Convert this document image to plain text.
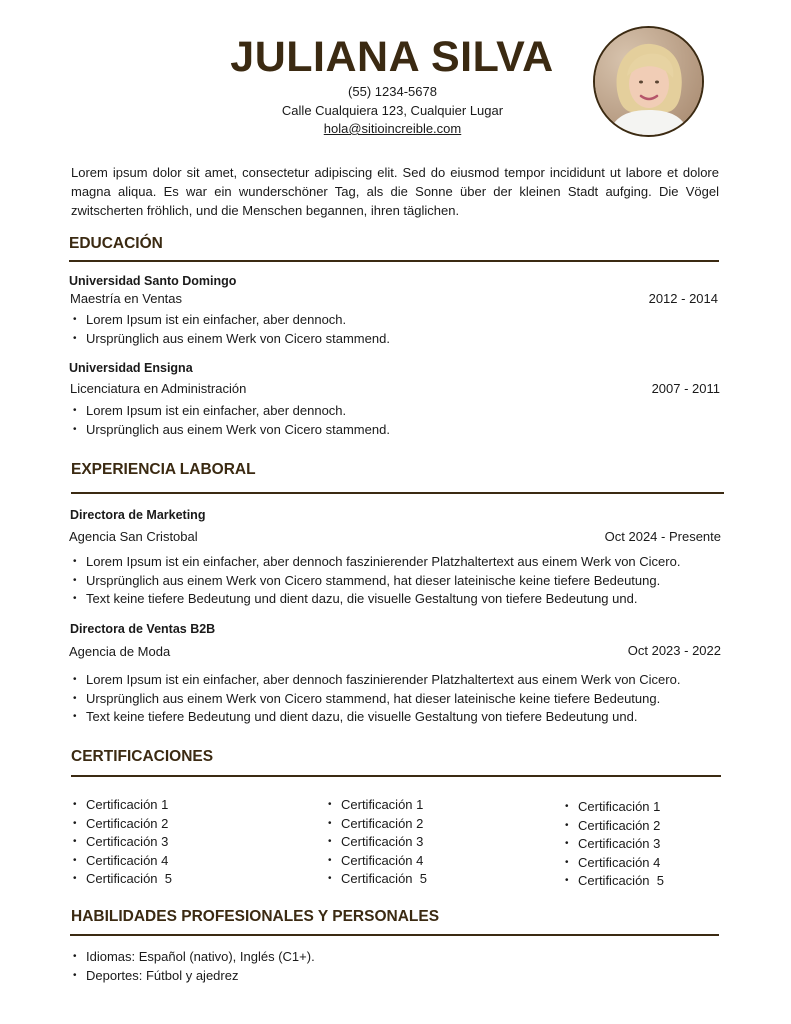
JULIANA SILVA
(55) 1234-5678
Calle Cualquiera 123, Cualquier Lugar
hola@sitioincreible.com
Lorem ipsum dolor sit amet, consectetur adipiscing elit. Sed do eiusmod tempor incididunt ut labore et dolore magna aliqua. Es war ein wunderschöner Tag, als die Sonne über der kleinen Stadt aufging. Die Vögel zwitscherten fröhlich, und die Menschen begannen, ihren täglichen.
EDUCACIÓN
Universidad Santo Domingo
Maestría en Ventas	2012 - 2014
• Lorem Ipsum ist ein einfacher, aber dennoch.
• Ursprünglich aus einem Werk von Cicero stammend.
Universidad Ensigna
Licenciatura en Administración	2007 - 2011
• Lorem Ipsum ist ein einfacher, aber dennoch.
• Ursprünglich aus einem Werk von Cicero stammend.
EXPERIENCIA LABORAL
Directora de Marketing
Agencia San Cristobal	Oct 2024 - Presente
• Lorem Ipsum ist ein einfacher, aber dennoch faszinierender Platzhaltertext aus einem Werk von Cicero.
• Ursprünglich aus einem Werk von Cicero stammend, hat dieser lateinische keine tiefere Bedeutung.
• Text keine tiefere Bedeutung und dient dazu, die visuelle Gestaltung von tiefere Bedeutung und.
Directora de Ventas B2B
Agencia de Moda	Oct 2023 - 2022
• Lorem Ipsum ist ein einfacher, aber dennoch faszinierender Platzhaltertext aus einem Werk von Cicero.
• Ursprünglich aus einem Werk von Cicero stammend, hat dieser lateinische keine tiefere Bedeutung.
• Text keine tiefere Bedeutung und dient dazu, die visuelle Gestaltung von tiefere Bedeutung und.
CERTIFICACIONES
• Certificación 1
• Certificación 2
• Certificación 3
• Certificación 4
• Certificación  5
• Certificación 1
• Certificación 2
• Certificación 3
• Certificación 4
• Certificación  5
• Certificación 1
• Certificación 2
• Certificación 3
• Certificación 4
• Certificación  5
HABILIDADES PROFESIONALES Y PERSONALES
• Idiomas: Español (nativo), Inglés (C1+).
• Deportes: Fútbol y ajedrez
